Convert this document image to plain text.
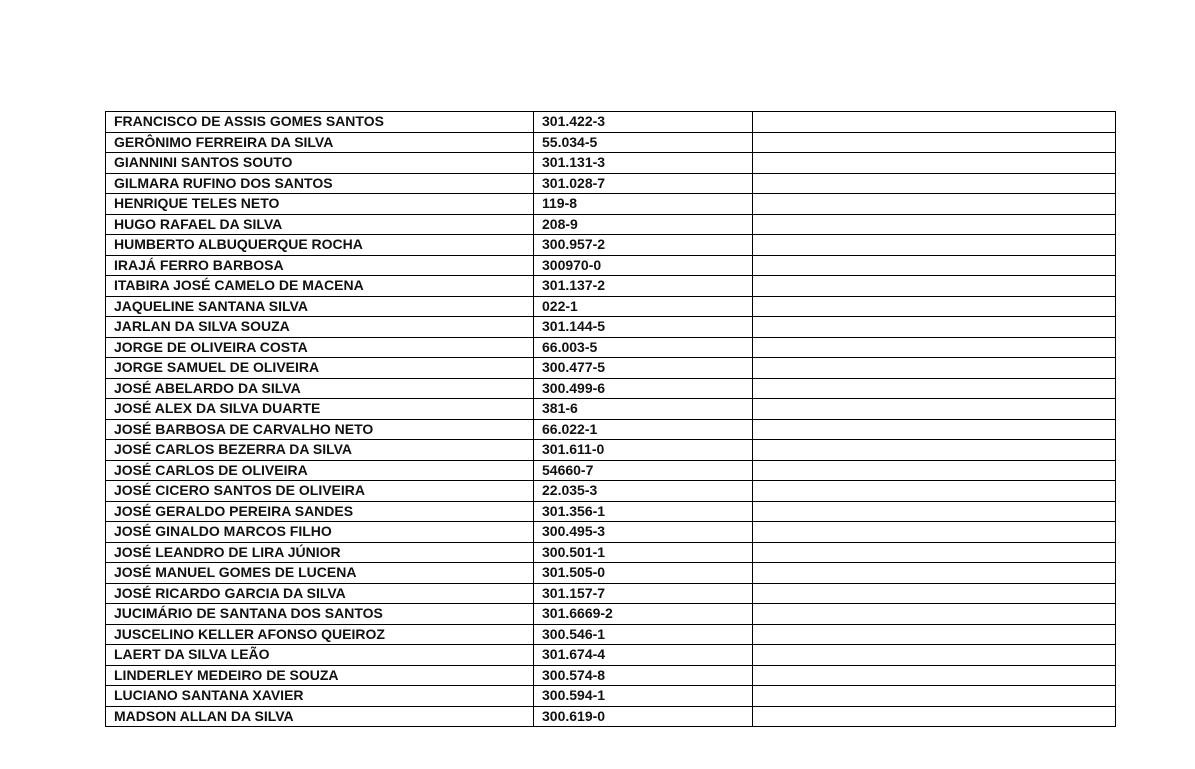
FRANCISCO DE ASSIS GOMES SANTOS	301.422-3	
GERÔNIMO FERREIRA DA SILVA	55.034-5	
GIANNINI SANTOS SOUTO	301.131-3	
GILMARA RUFINO DOS SANTOS	301.028-7	
HENRIQUE TELES NETO	119-8	
HUGO RAFAEL DA SILVA	208-9	
HUMBERTO ALBUQUERQUE ROCHA	300.957-2	
IRAJÁ FERRO BARBOSA	300970-0	
ITABIRA JOSÉ CAMELO DE MACENA	301.137-2	
JAQUELINE SANTANA SILVA	022-1	
JARLAN DA SILVA SOUZA	301.144-5	
JORGE DE OLIVEIRA COSTA	66.003-5	
JORGE SAMUEL DE OLIVEIRA	300.477-5	
JOSÉ ABELARDO DA SILVA	300.499-6	
JOSÉ ALEX DA SILVA DUARTE	381-6	
JOSÉ BARBOSA DE CARVALHO NETO	66.022-1	
JOSÉ CARLOS BEZERRA DA SILVA	301.611-0	
JOSÉ CARLOS DE OLIVEIRA	54660-7	
JOSÉ CICERO SANTOS DE OLIVEIRA	22.035-3	
JOSÉ GERALDO PEREIRA SANDES	301.356-1	
JOSÉ GINALDO MARCOS FILHO	300.495-3	
JOSÉ LEANDRO DE LIRA JÚNIOR	300.501-1	
JOSÉ MANUEL GOMES DE LUCENA	301.505-0	
JOSÉ RICARDO GARCIA DA SILVA	301.157-7	
JUCIMÁRIO DE SANTANA DOS SANTOS	301.6669-2	
JUSCELINO KELLER AFONSO QUEIROZ	300.546-1	
LAERT DA SILVA LEÃO	301.674-4	
LINDERLEY MEDEIRO DE SOUZA	300.574-8	
LUCIANO SANTANA XAVIER	300.594-1	
MADSON ALLAN DA SILVA	300.619-0	
